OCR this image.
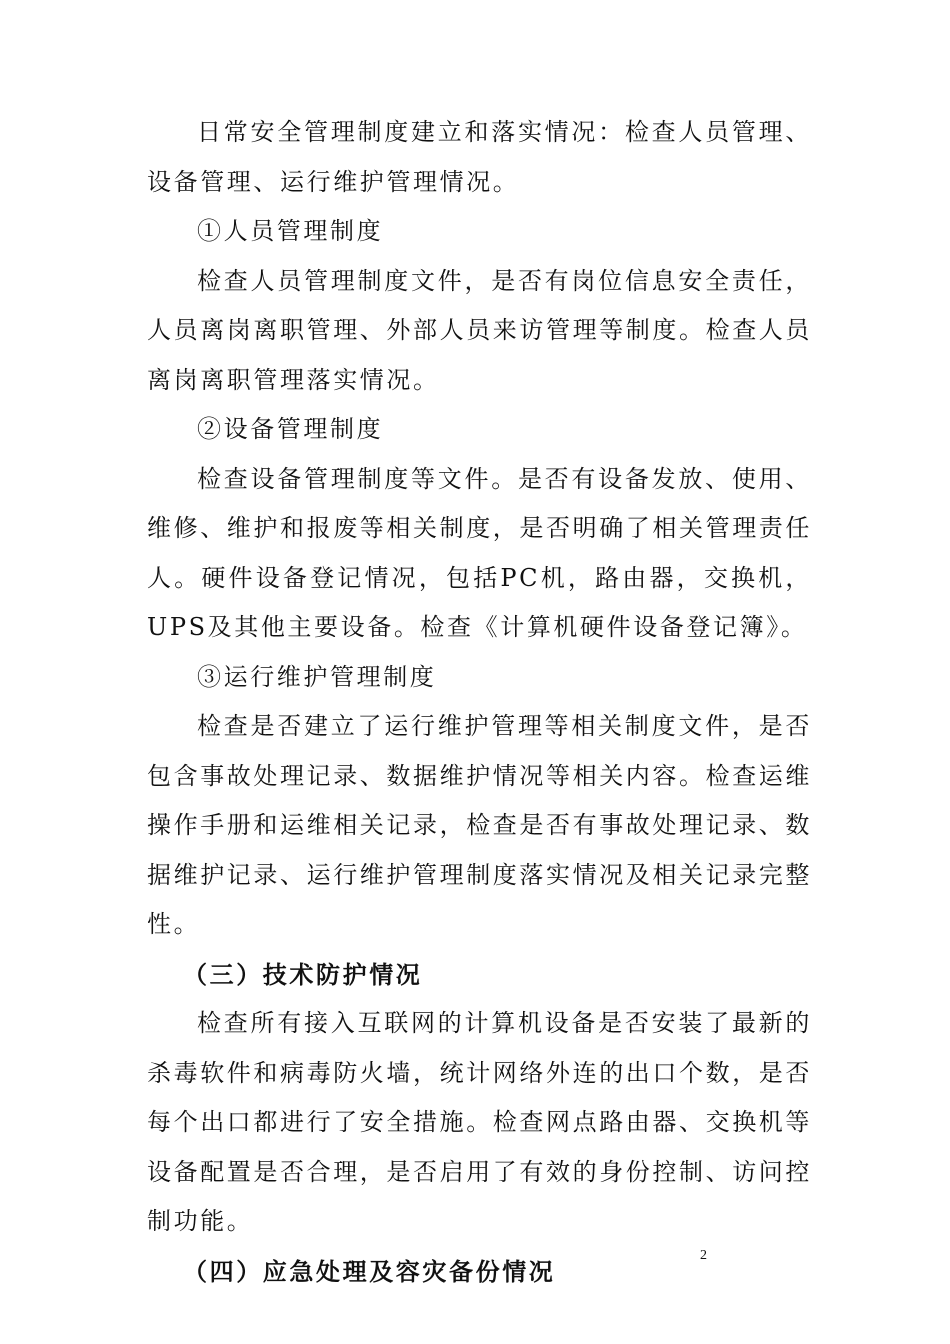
日常安全管理制度建立和落实情况：检查人员管理、设备管理、运行维护管理情况。

①人员管理制度

检查人员管理制度文件，是否有岗位信息安全责任，人员离岗离职管理、外部人员来访管理等制度。检查人员离岗离职管理落实情况。

②设备管理制度

检查设备管理制度等文件。是否有设备发放、使用、维修、维护和报废等相关制度，是否明确了相关管理责任人。硬件设备登记情况，包括PC机，路由器，交换机，UPS及其他主要设备。检查《计算机硬件设备登记簿》。

③运行维护管理制度

检查是否建立了运行维护管理等相关制度文件，是否包含事故处理记录、数据维护情况等相关内容。检查运维操作手册和运维相关记录，检查是否有事故处理记录、数据维护记录、运行维护管理制度落实情况及相关记录完整性。

（三）技术防护情况

检查所有接入互联网的计算机设备是否安装了最新的杀毒软件和病毒防火墙，统计网络外连的出口个数，是否每个出口都进行了安全措施。检查网点路由器、交换机等设备配置是否合理，是否启用了有效的身份控制、访问控制功能。

（四）应急处理及容灾备份情况

2
